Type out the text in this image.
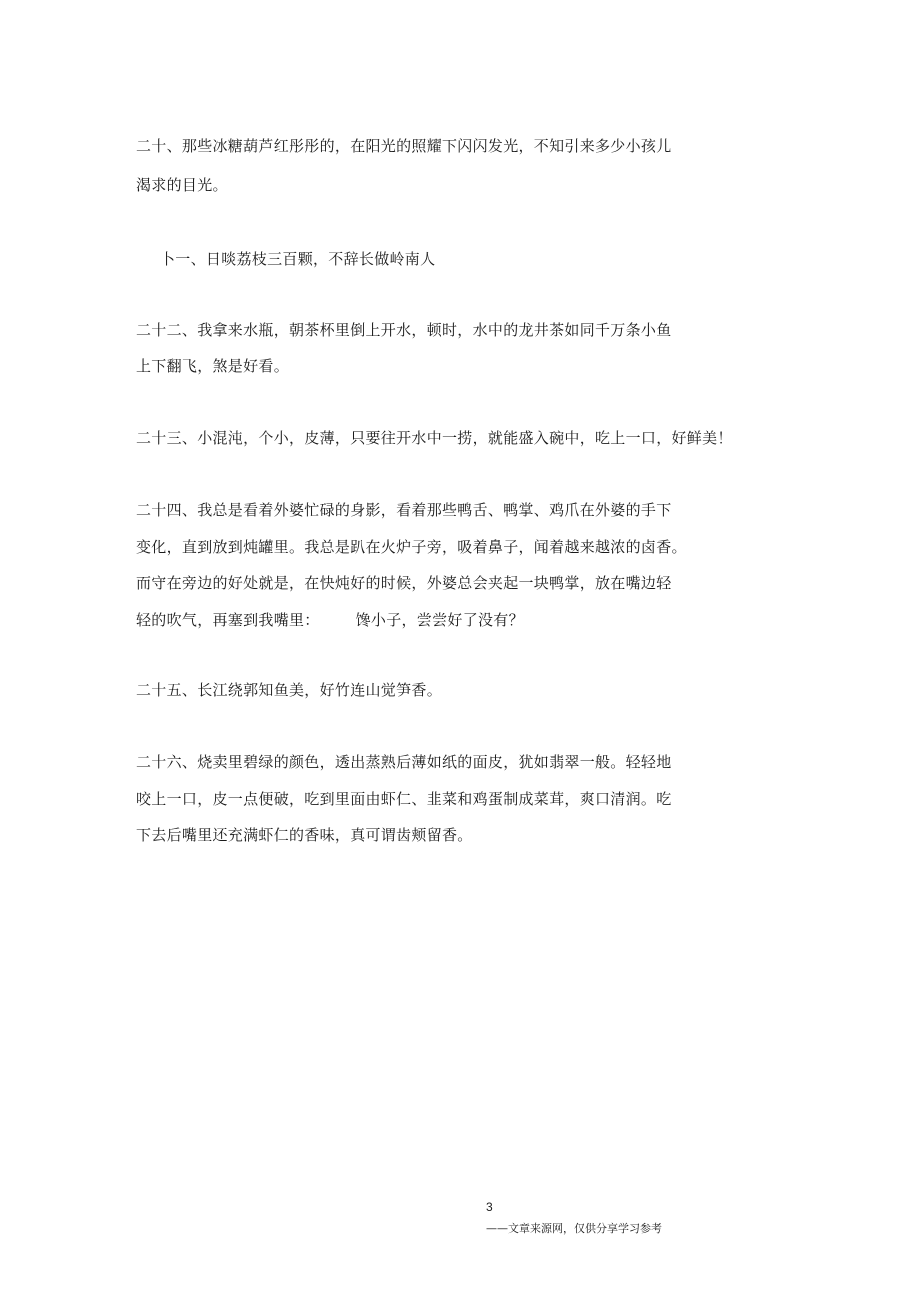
二十、那些冰糖葫芦红彤彤的，在阳光的照耀下闪闪发光，不知引来多少小孩儿
渴求的目光。
卜一、日啖荔枝三百颗，不辞长做岭南人
二十二、我拿来水瓶，朝茶杯里倒上开水，顿时，水中的龙井茶如同千万条小鱼
上下翻飞，煞是好看。
二十三、小混沌，个小，皮薄，只要往开水中一捞，就能盛入碗中，吃上一口，好鲜美！
二十四、我总是看着外婆忙碌的身影，看着那些鸭舌、鸭掌、鸡爪在外婆的手下
变化，直到放到炖罐里。我总是趴在火炉子旁，吸着鼻子，闻着越来越浓的卤香。
而守在旁边的好处就是，在快炖好的时候，外婆总会夹起一块鸭掌，放在嘴边轻
轻的吹气，再塞到我嘴里： 馋小子，尝尝好了没有？
二十五、长江绕郭知鱼美，好竹连山觉笋香。
二十六、烧卖里碧绿的颜色，透出蒸熟后薄如纸的面皮，犹如翡翠一般。轻轻地
咬上一口，皮一点便破，吃到里面由虾仁、韭菜和鸡蛋制成菜茸，爽口清润。吃
下去后嘴里还充满虾仁的香味，真可谓齿颊留香。
3
——文章来源网，仅供分享学习参考
